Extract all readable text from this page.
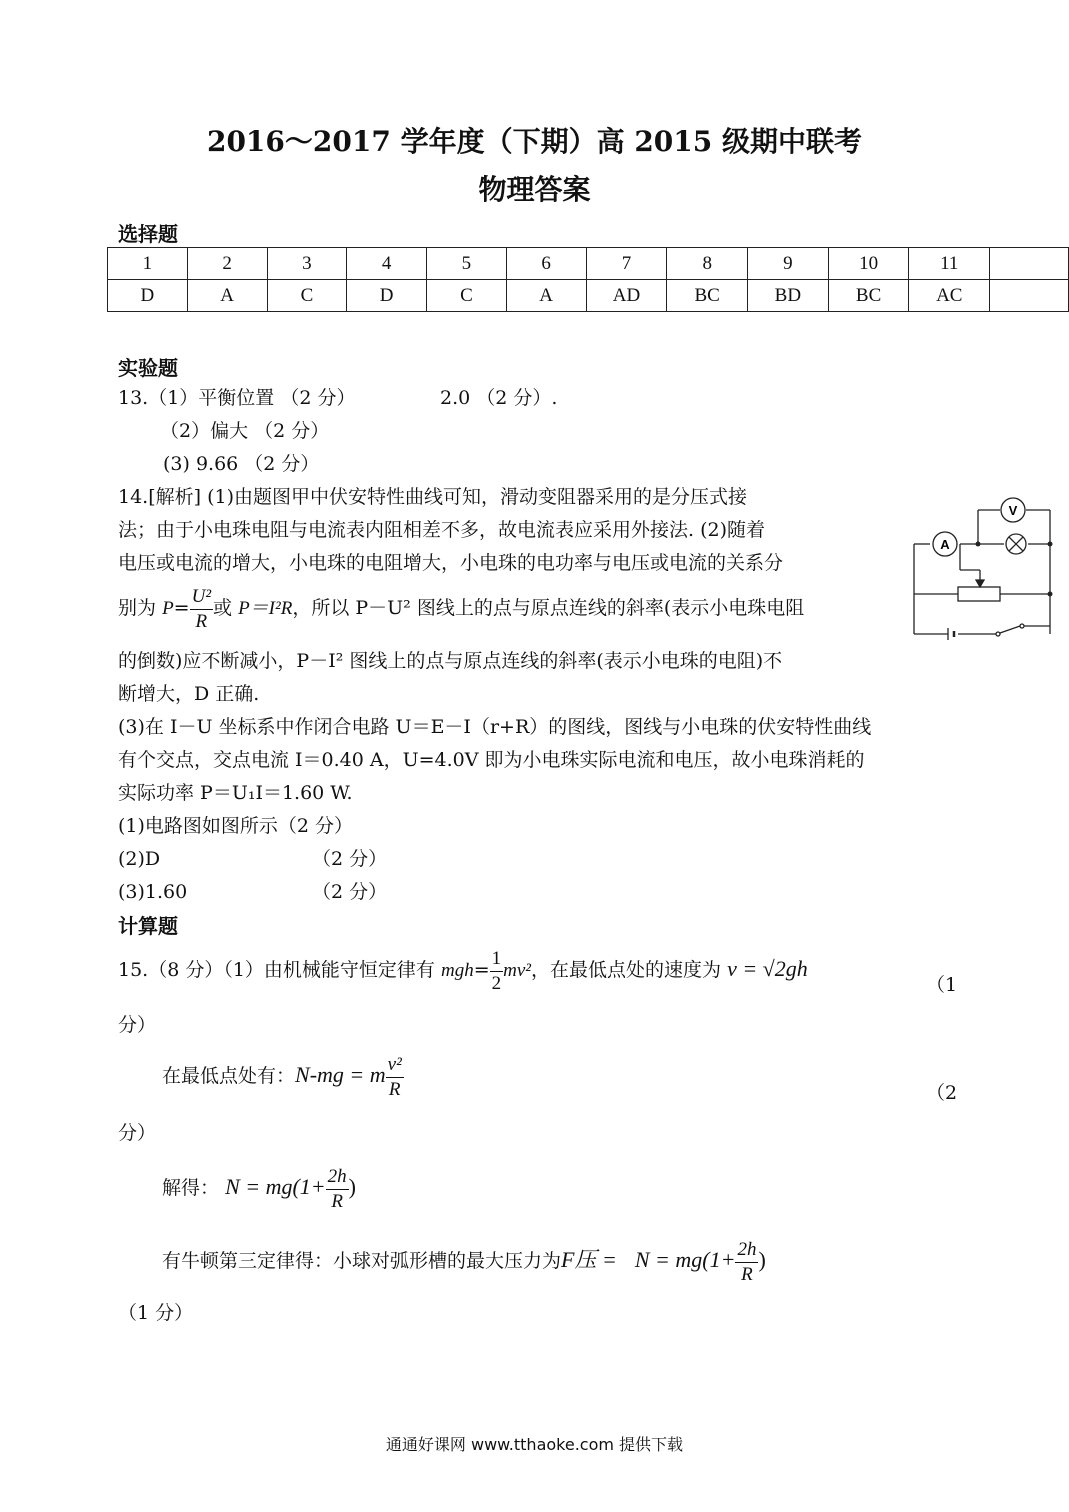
2016～2017 学年度（下期）高 2015 级期中联考
物理答案
选择题
1	2	3	4	5	6	7	8	9	10	11	
D	A	C	D	C	A	AD	BC	BD	BC	AC	
实验题
13.（1）平衡位置 （2 分）	2.0 （2 分）.
（2）偏大 （2 分）
(3) 9.66 （2 分）
14.[解析] (1)由题图甲中伏安特性曲线可知，滑动变阻器采用的是分压式接
法；由于小电珠电阻与电流表内阻相差不多，故电流表应采用外接法. (2)随着
电压或电流的增大，小电珠的电阻增大，小电珠的电功率与电压或电流的关系分
别为 $P= \frac{\text{U²}}{R}$ 或 P＝I²R，所以 P－U² 图线上的点与原点连线的斜率(表示小电珠电阻
的倒数)应不断减小，P－I² 图线上的点与原点连线的斜率(表示小电珠的电阻)不
断增大，D 正确.
(3)在 I－U 坐标系中作闭合电路 U＝E－I（r+R）的图线，图线与小电珠的伏安特性曲线
有个交点，交点电流 I＝0.40 A，U=4.0V 即为小电珠实际电流和电压，故小电珠消耗的
实际功率 P＝U₁I＝1.60 W.
(1)电路图如图所示（2 分）
(2)D	（2 分）
(3)1.60	（2 分）
V
A
计算题
15.（8 分）（1）由机械能守恒定律有 $mgh= \frac{1}{2} mv^2$，在最低点处的速度为 v = √2gh
（1
分）
在最低点处有：N-mg = m $\frac{\text{v²}}{R}$	（2
分）
解得： $N = mg(1+ \frac{2h}{R}$ )
有牛顿第三定律得：小球对弧形槽的最大压力为F压 = $N = mg(1+ \frac{2h}{R}$ )
（1 分）
通通好课网 www.tthaoke.com 提供下载
